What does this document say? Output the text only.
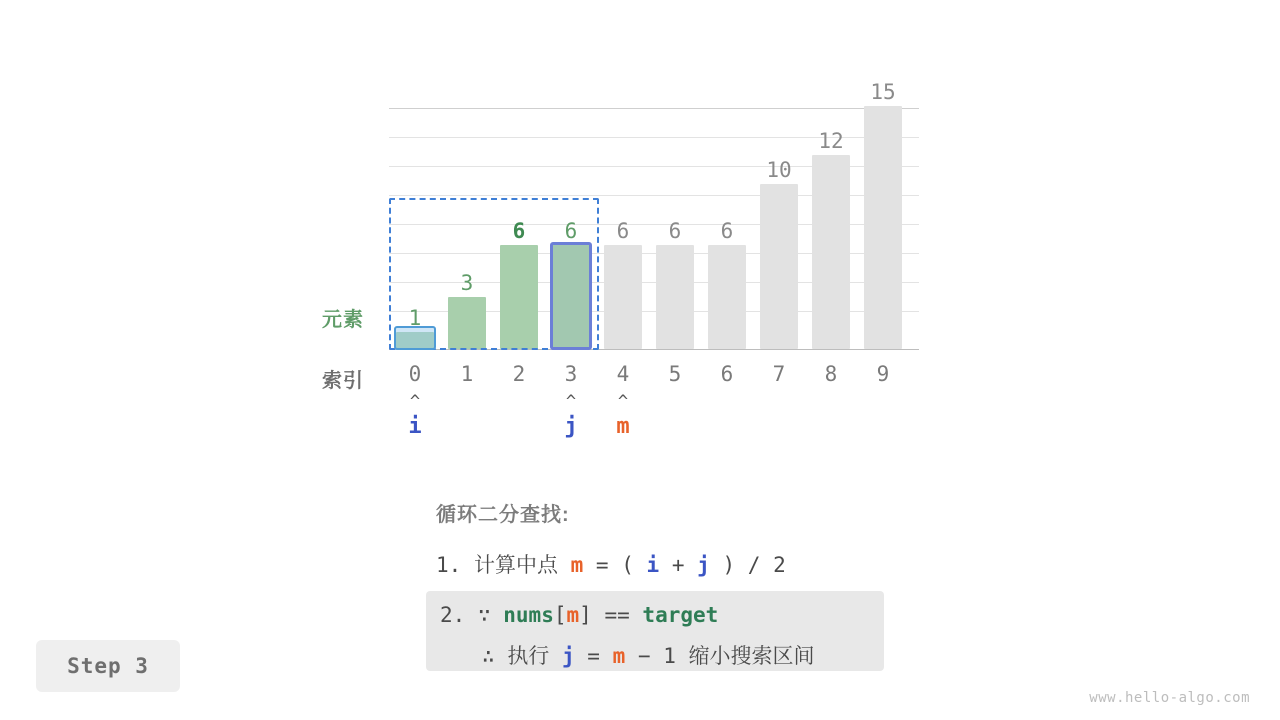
1
3
6	6	6	6	6
10
12
15
元素
索引	0	1	2	3	4	5	6	7	8	9
^
i
^
j
^
m
循环二分查找:
1. 计算中点 m = ( i + j ) / 2
2. ∵ nums[m] == target
∴ 执行 j = m − 1 缩小搜索区间
Step 3
www.hello-algo.com
